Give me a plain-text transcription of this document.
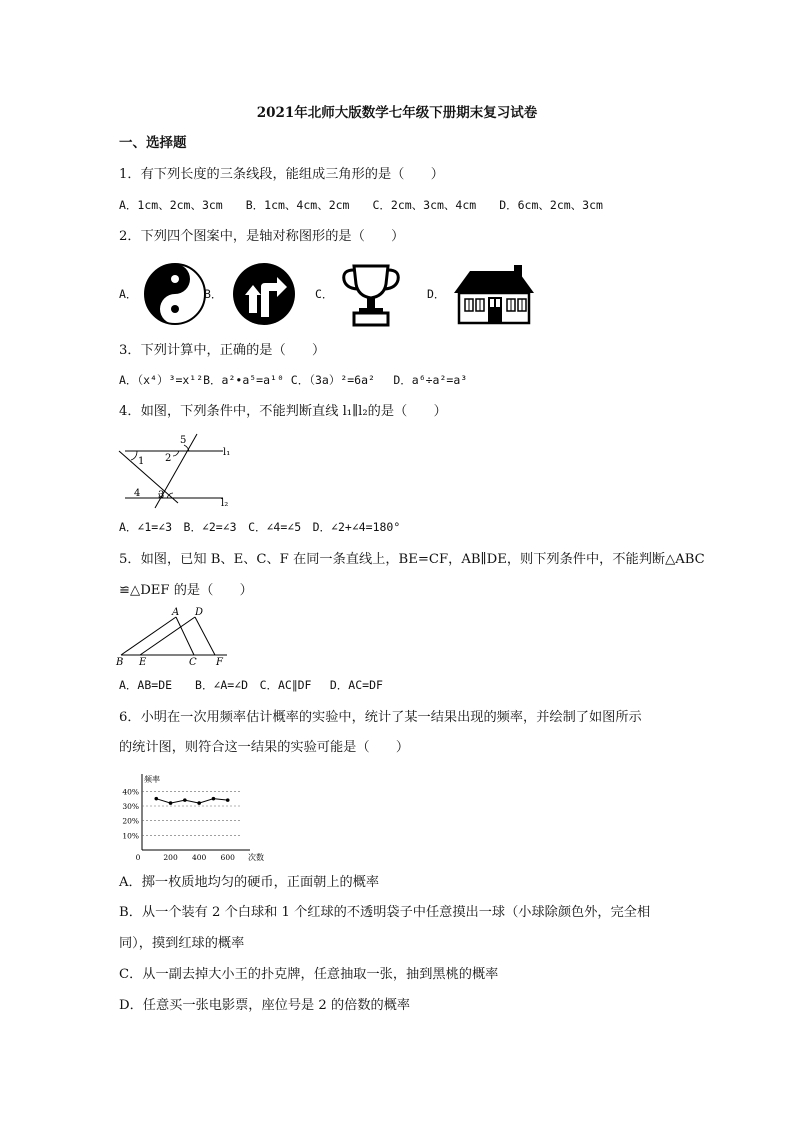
2021年北师大版数学七年级下册期末复习试卷
一、选择题
1．有下列长度的三条线段，能组成三角形的是（　　）
A．1cm、2cm、3cm　　B．1cm、4cm、2cm　　C．2cm、3cm、4cm　　D．6cm、2cm、3cm
2．下列四个图案中，是轴对称图形的是（　　）
A．	B．	C．	D．
3．下列计算中，正确的是（　　）
A．（x⁴）³=x¹²B．a²•a⁵=a¹⁰ C．（3a）²=6a²　 D．a⁶÷a²=a³
4．如图，下列条件中，不能判断直线 l₁∥l₂的是（　　）
5
2
1
l₁
4 3
l₂
A．∠1=∠3　B．∠2=∠3　C．∠4=∠5　D．∠2+∠4=180°
5．如图，已知 B、E、C、F 在同一条直线上，BE=CF，AB∥DE，则下列条件中，不能判断△ABC
≌△DEF 的是（　　）
A D
B E	C F
A．AB=DE　　B．∠A=∠D　C．AC∥DF　 D．AC=DF
6．小明在一次用频率估计概率的实验中，统计了某一结果出现的频率，并绘制了如图所示
的统计图，则符合这一结果的实验可能是（　　）
10%
20%
30%
40%
0	200 400 600
频率
次数
A．掷一枚质地均匀的硬币，正面朝上的概率
B．从一个装有 2 个白球和 1 个红球的不透明袋子中任意摸出一球（小球除颜色外，完全相
同），摸到红球的概率
C．从一副去掉大小王的扑克牌，任意抽取一张，抽到黑桃的概率
D．任意买一张电影票，座位号是 2 的倍数的概率
